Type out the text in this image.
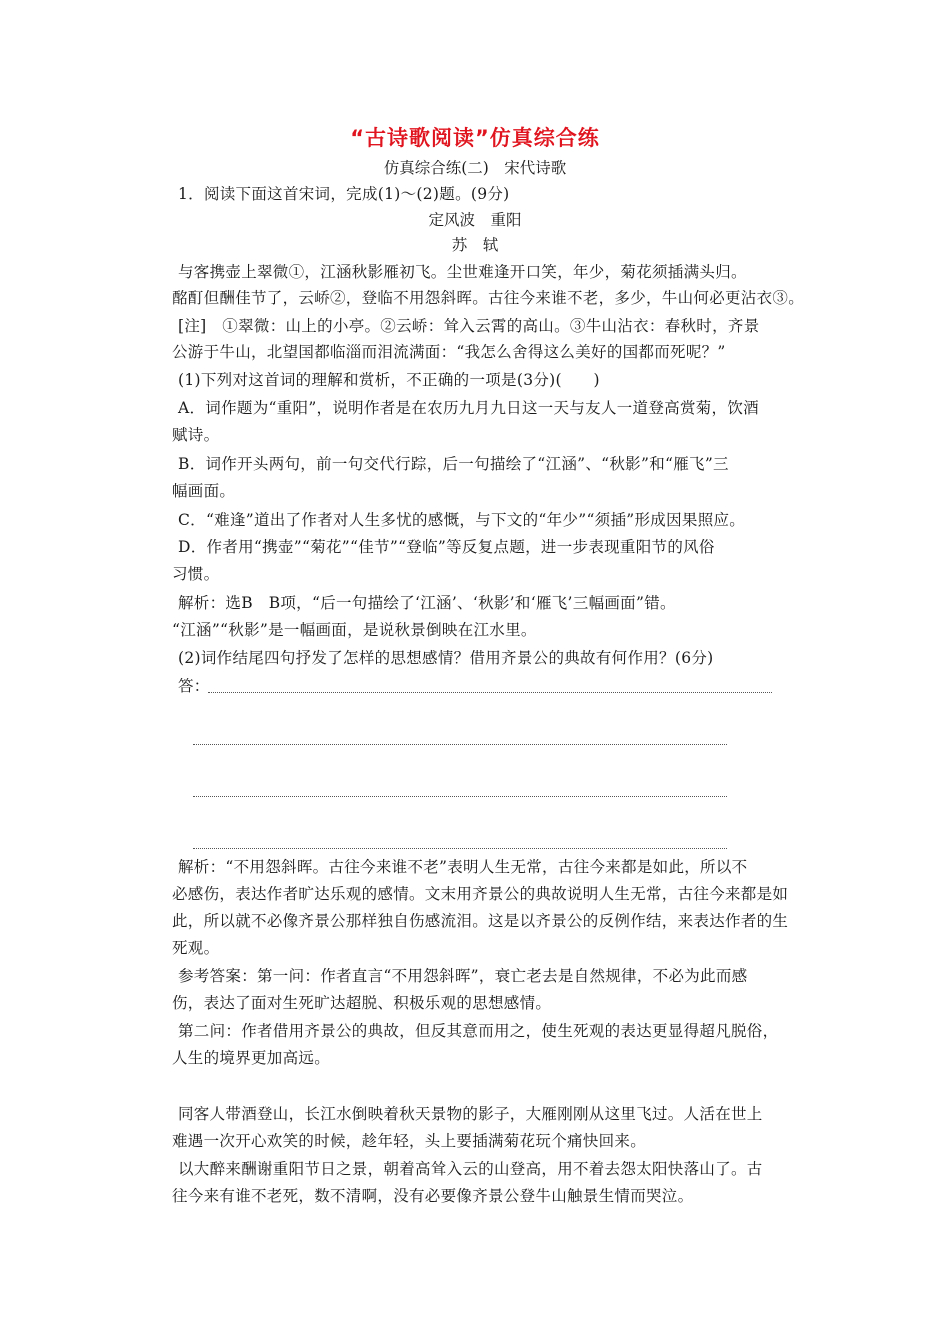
“古诗歌阅读”仿真综合练
仿真综合练(二)　宋代诗歌
1．阅读下面这首宋词，完成(1)～(2)题。(9分)
定风波　重阳
苏　轼
与客携壶上翠微①，江涵秋影雁初飞。尘世难逢开口笑，年少，菊花须插满头归。
酩酊但酬佳节了，云峤②，登临不用怨斜晖。古往今来谁不老，多少，牛山何必更沾衣③。
[注]　①翠微：山上的小亭。②云峤：耸入云霄的高山。③牛山沾衣：春秋时，齐景
公游于牛山，北望国都临淄而泪流满面：“我怎么舍得这么美好的国都而死呢？”
(1)下列对这首词的理解和赏析，不正确的一项是(3分)(　　)
A．词作题为“重阳”，说明作者是在农历九月九日这一天与友人一道登高赏菊，饮酒
赋诗。
B．词作开头两句，前一句交代行踪，后一句描绘了“江涵”、“秋影”和“雁飞”三
幅画面。
C．“难逢”道出了作者对人生多忧的感慨，与下文的“年少”“须插”形成因果照应。
D．作者用“携壶”“菊花”“佳节”“登临”等反复点题，进一步表现重阳节的风俗
习惯。
解析：选B　B项，“后一句描绘了‘江涵’、‘秋影’和‘雁飞’三幅画面”错。
“江涵”“秋影”是一幅画面，是说秋景倒映在江水里。
(2)词作结尾四句抒发了怎样的思想感情？借用齐景公的典故有何作用？(6分)
答：
解析：“不用怨斜晖。古往今来谁不老”表明人生无常，古往今来都是如此，所以不
必感伤，表达作者旷达乐观的感情。文末用齐景公的典故说明人生无常，古往今来都是如
此，所以就不必像齐景公那样独自伤感流泪。这是以齐景公的反例作结，来表达作者的生
死观。
参考答案：第一问：作者直言“不用怨斜晖”，衰亡老去是自然规律，不必为此而感
伤，表达了面对生死旷达超脱、积极乐观的思想感情。
第二问：作者借用齐景公的典故，但反其意而用之，使生死观的表达更显得超凡脱俗，
人生的境界更加高远。
同客人带酒登山，长江水倒映着秋天景物的影子，大雁刚刚从这里飞过。人活在世上
难遇一次开心欢笑的时候，趁年轻，头上要插满菊花玩个痛快回来。
以大醉来酬谢重阳节日之景，朝着高耸入云的山登高，用不着去怨太阳快落山了。古
往今来有谁不老死，数不清啊，没有必要像齐景公登牛山触景生情而哭泣。
